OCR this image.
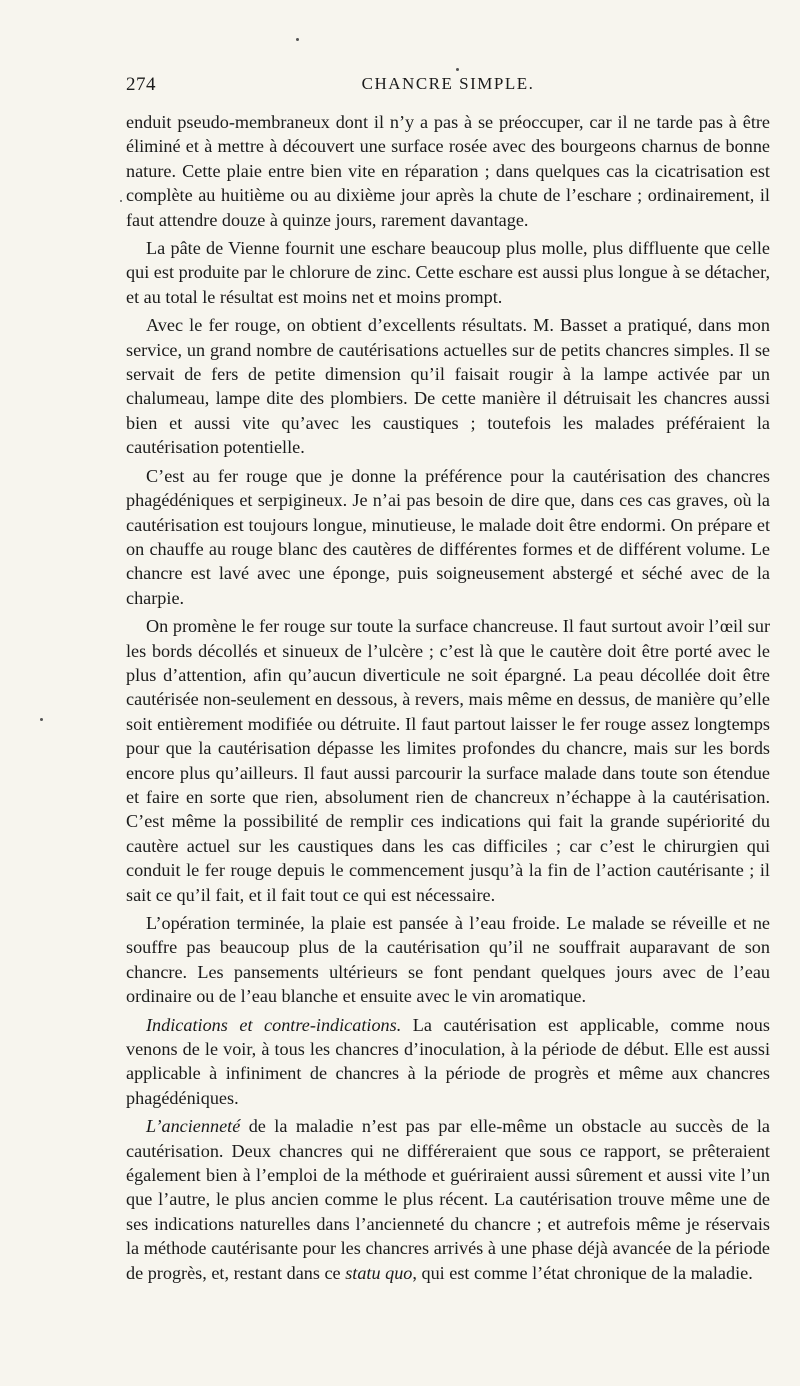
274	CHANCRE SIMPLE.

enduit pseudo-membraneux dont il n’y a pas à se préoccuper, car il ne tarde pas à être éliminé et à mettre à découvert une surface rosée avec des bourgeons charnus de bonne nature. Cette plaie entre bien vite en réparation ; dans quelques cas la cicatrisation est complète au huitième ou au dixième jour après la chute de l’eschare ; ordinairement, il faut attendre douze à quinze jours, rarement davantage.

La pâte de Vienne fournit une eschare beaucoup plus molle, plus diffluente que celle qui est produite par le chlorure de zinc. Cette eschare est aussi plus longue à se détacher, et au total le résultat est moins net et moins prompt.

Avec le fer rouge, on obtient d’excellents résultats. M. Basset a pratiqué, dans mon service, un grand nombre de cautérisations actuelles sur de petits chancres simples. Il se servait de fers de petite dimension qu’il faisait rougir à la lampe activée par un chalumeau, lampe dite des plombiers. De cette manière il détruisait les chancres aussi bien et aussi vite qu’avec les caustiques ; toutefois les malades préféraient la cautérisation potentielle.

C’est au fer rouge que je donne la préférence pour la cautérisation des chancres phagédéniques et serpigineux. Je n’ai pas besoin de dire que, dans ces cas graves, où la cautérisation est toujours longue, minutieuse, le malade doit être endormi. On prépare et on chauffe au rouge blanc des cautères de différentes formes et de différent volume. Le chancre est lavé avec une éponge, puis soigneusement abstergé et séché avec de la charpie.

On promène le fer rouge sur toute la surface chancreuse. Il faut surtout avoir l’œil sur les bords décollés et sinueux de l’ulcère ; c’est là que le cautère doit être porté avec le plus d’attention, afin qu’aucun diverticule ne soit épargné. La peau décollée doit être cautérisée non-seulement en dessous, à revers, mais même en dessus, de manière qu’elle soit entièrement modifiée ou détruite. Il faut partout laisser le fer rouge assez longtemps pour que la cautérisation dépasse les limites profondes du chancre, mais sur les bords encore plus qu’ailleurs. Il faut aussi parcourir la surface malade dans toute son étendue et faire en sorte que rien, absolument rien de chancreux n’échappe à la cautérisation. C’est même la possibilité de remplir ces indications qui fait la grande supériorité du cautère actuel sur les caustiques dans les cas difficiles ; car c’est le chirurgien qui conduit le fer rouge depuis le commencement jusqu’à la fin de l’action cautérisante ; il sait ce qu’il fait, et il fait tout ce qui est nécessaire.

L’opération terminée, la plaie est pansée à l’eau froide. Le malade se réveille et ne souffre pas beaucoup plus de la cautérisation qu’il ne souffrait auparavant de son chancre. Les pansements ultérieurs se font pendant quelques jours avec de l’eau ordinaire ou de l’eau blanche et ensuite avec le vin aromatique.

Indications et contre-indications. La cautérisation est applicable, comme nous venons de le voir, à tous les chancres d’inoculation, à la période de début. Elle est aussi applicable à infiniment de chancres à la période de progrès et même aux chancres phagédéniques.

L’ancienneté de la maladie n’est pas par elle-même un obstacle au succès de la cautérisation. Deux chancres qui ne différeraient que sous ce rapport, se prêteraient également bien à l’emploi de la méthode et guériraient aussi sûrement et aussi vite l’un que l’autre, le plus ancien comme le plus récent. La cautérisation trouve même une de ses indications naturelles dans l’ancienneté du chancre ; et autrefois même je réservais la méthode cautérisante pour les chancres arrivés à une phase déjà avancée de la période de progrès, et, restant dans ce statu quo, qui est comme l’état chronique de la maladie.
